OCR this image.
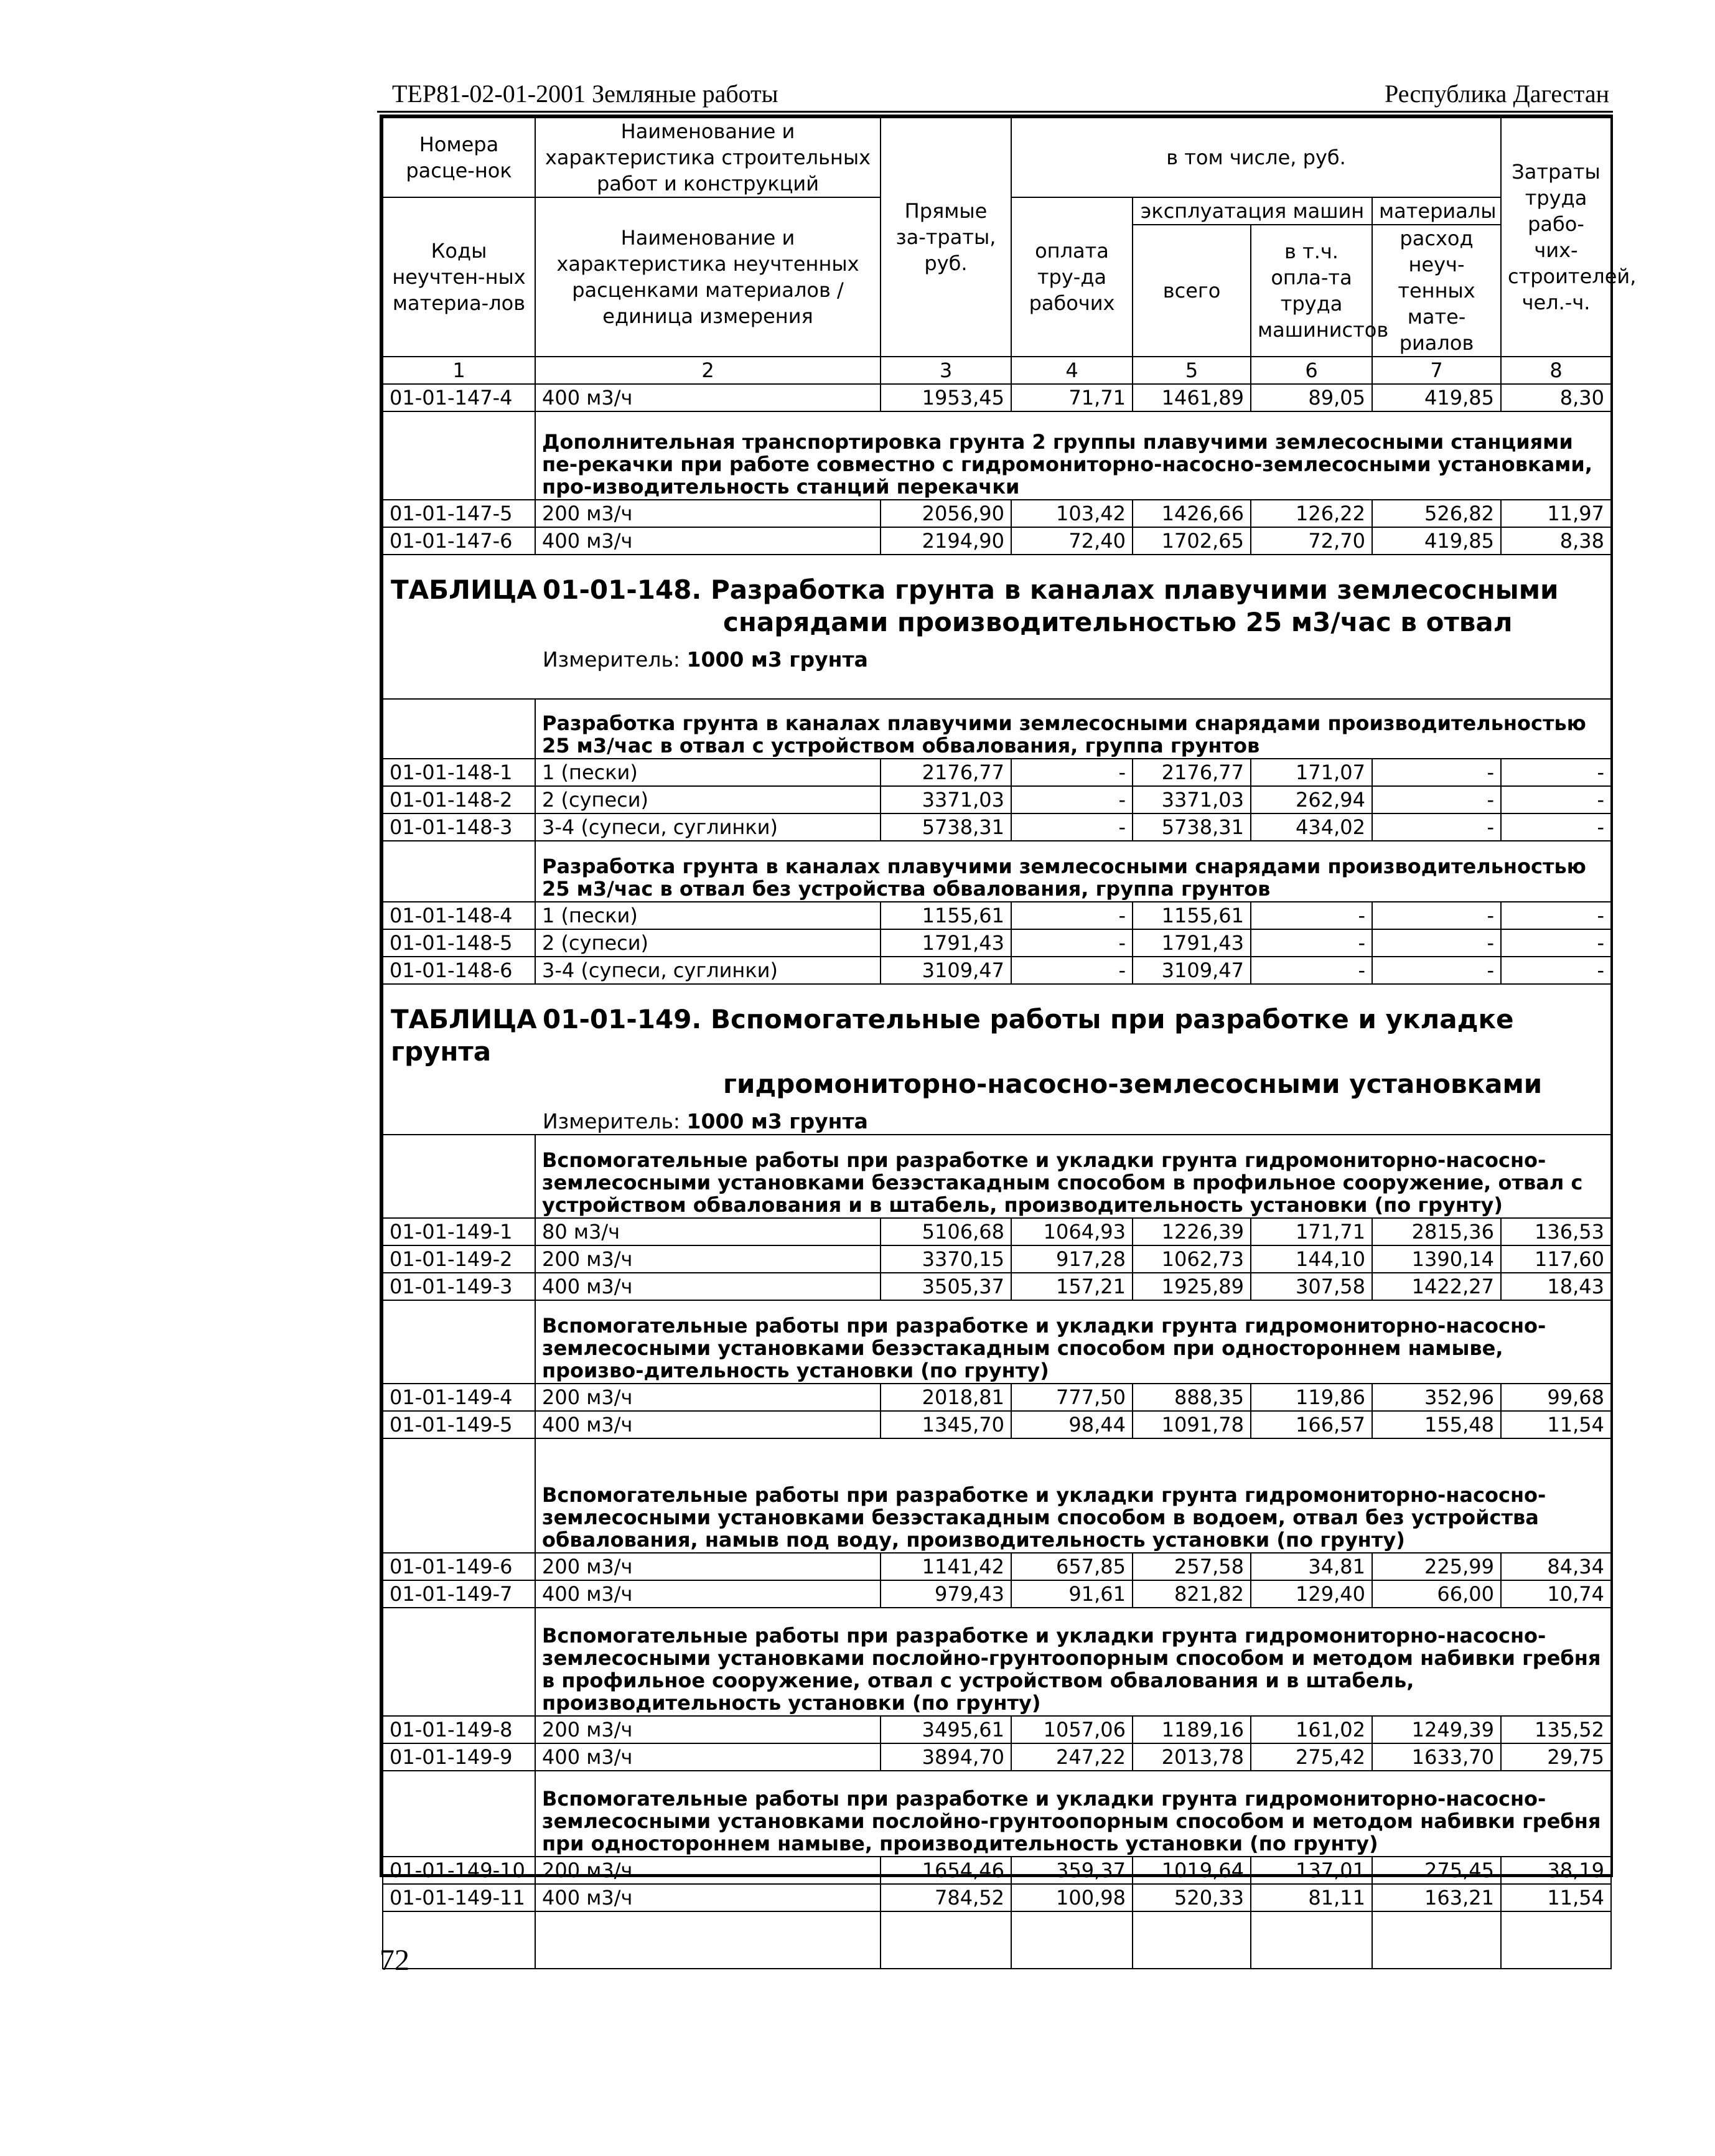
ТЕР81-02-01-2001 Земляные работы	Республика Дагестан
Номера расце-нок	Наименование и характеристика строительных работ и конструкций	Прямые за-траты, руб.	в том числе, руб.				Затраты труда рабо-чих-строителей, чел.-ч.
Коды неучтен-ных материа-лов	Наименование и характеристика неучтенных расценками материалов / единица измерения		оплата тру-да рабочих	эксплуатация машин		материалы	
				всего	в т.ч. опла-та труда машинистов	расход неуч-тенных мате-риалов	
1	2	3	4	5	6	7	8
01-01-147-4	400 м3/ч	1953,45	71,71	1461,89	89,05	419,85	8,30
	Дополнительная транспортировка грунта 2 группы плавучими землесосными станциями пе-рекачки при работе совместно с гидромониторно-насосно-землесосными установками, про-изводительность станций перекачки						
01-01-147-5	200 м3/ч	2056,90	103,42	1426,66	126,22	526,82	11,97
01-01-147-6	400 м3/ч	2194,90	72,40	1702,65	72,70	419,85	8,38

ТАБЛИЦА 01-01-148. Разработка грунта в каналах плавучими землесосными
снарядами производительностью 25 м3/час в отвал
Измеритель: 1000 м3 грунта							

	Разработка грунта в каналах плавучими землесосными снарядами производительностью 25 м3/час в отвал с устройством обвалования, группа грунтов						
01-01-148-1	1 (пески)	2176,77	-	2176,77	171,07	-	-
01-01-148-2	2 (супеси)	3371,03	-	3371,03	262,94	-	-
01-01-148-3	3-4 (супеси, суглинки)	5738,31	-	5738,31	434,02	-	-
	Разработка грунта в каналах плавучими землесосными снарядами производительностью 25 м3/час в отвал без устройства обвалования, группа грунтов						
01-01-148-4	1 (пески)	1155,61	-	1155,61	-	-	-
01-01-148-5	2 (супеси)	1791,43	-	1791,43	-	-	-
01-01-148-6	3-4 (супеси, суглинки)	3109,47	-	3109,47	-	-	-

ТАБЛИЦА 01-01-149. Вспомогательные работы при разработке и укладке грунта
гидромониторно-насосно-землесосными установками
Измеритель: 1000 м3 грунта							

	Вспомогательные работы при разработке и укладки грунта гидромониторно-насосно-землесосными установками безэстакадным способом в профильное сооружение, отвал с устройством обвалования и в штабель, производительность установки (по грунту)						
01-01-149-1	80 м3/ч	5106,68	1064,93	1226,39	171,71	2815,36	136,53
01-01-149-2	200 м3/ч	3370,15	917,28	1062,73	144,10	1390,14	117,60
01-01-149-3	400 м3/ч	3505,37	157,21	1925,89	307,58	1422,27	18,43
	Вспомогательные работы при разработке и укладки грунта гидромониторно-насосно-землесосными установками безэстакадным способом при одностороннем намыве, произво-дительность установки (по грунту)						
01-01-149-4	200 м3/ч	2018,81	777,50	888,35	119,86	352,96	99,68
01-01-149-5	400 м3/ч	1345,70	98,44	1091,78	166,57	155,48	11,54
	Вспомогательные работы при разработке и укладки грунта гидромониторно-насосно-землесосными установками безэстакадным способом в водоем, отвал без устройства обвалования, намыв под воду, производительность установки (по грунту)						
01-01-149-6	200 м3/ч	1141,42	657,85	257,58	34,81	225,99	84,34
01-01-149-7	400 м3/ч	979,43	91,61	821,82	129,40	66,00	10,74
	Вспомогательные работы при разработке и укладки грунта гидромониторно-насосно-землесосными установками послойно-грунтоопорным способом и методом набивки гребня в профильное сооружение, отвал с устройством обвалования и в штабель, производительность установки (по грунту)						
01-01-149-8	200 м3/ч	3495,61	1057,06	1189,16	161,02	1249,39	135,52
01-01-149-9	400 м3/ч	3894,70	247,22	2013,78	275,42	1633,70	29,75
	Вспомогательные работы при разработке и укладки грунта гидромониторно-насосно-землесосными установками послойно-грунтоопорным способом и методом набивки гребня при одностороннем намыве, производительность установки (по грунту)						
01-01-149-10	200 м3/ч	1654,46	359,37	1019,64	137,01	275,45	38,19
01-01-149-11	400 м3/ч	784,52	100,98	520,33	81,11	163,21	11,54

72
